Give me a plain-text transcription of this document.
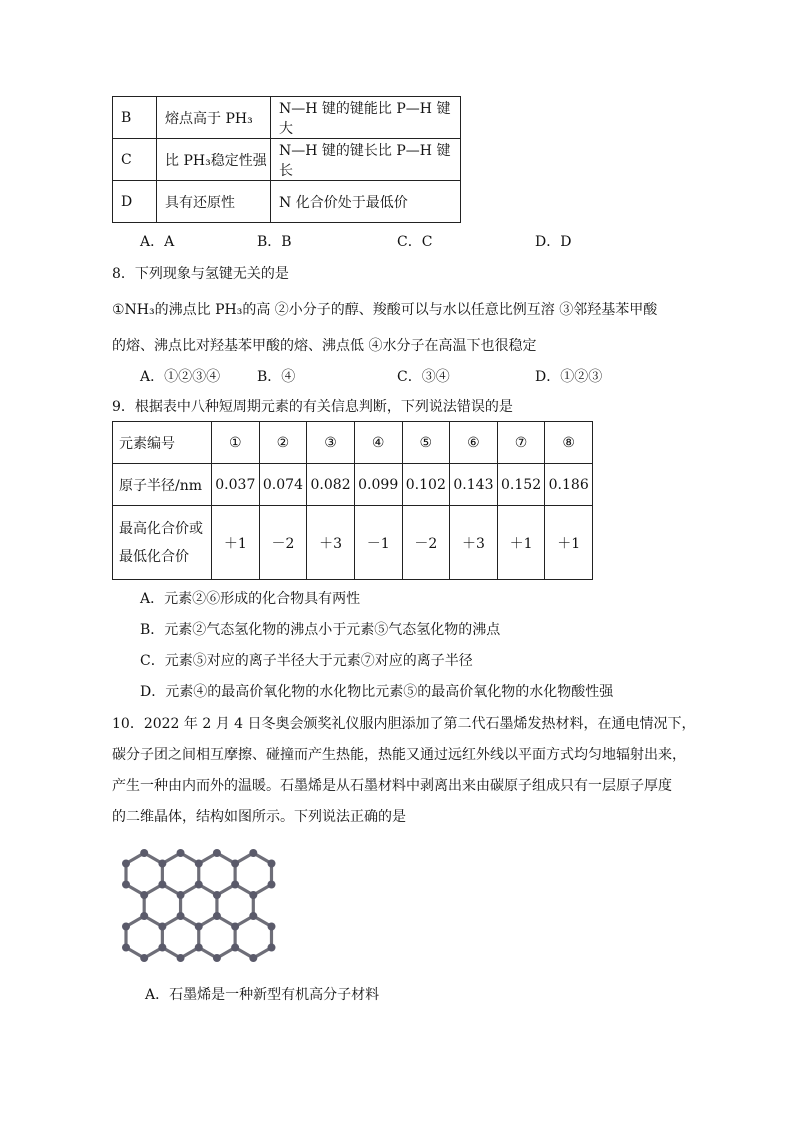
B	熔点高于 PH₃	N—H 键的键能比 P—H 键大
C	比 PH₃稳定性强	N—H 键的键长比 P—H 键长
D	具有还原性	N 化合价处于最低价
A．A	B．B	C．C	D．D
8．下列现象与氢键无关的是
①NH₃的沸点比 PH₃的高 ②小分子的醇、羧酸可以与水以任意比例互溶 ③邻羟基苯甲酸
的熔、沸点比对羟基苯甲酸的熔、沸点低 ④水分子在高温下也很稳定
A．①②③④	B．④	C．③④	D．①②③
9．根据表中八种短周期元素的有关信息判断，下列说法错误的是
元素编号	①	②	③	④	⑤	⑥	⑦	⑧
原子半径/nm	0.037	0.074	0.082	0.099	0.102	0.143	0.152	0.186

最高化合价或
最低化合价	＋1	－2	＋3	－1	－2	＋3	＋1	＋1
A．元素②⑥形成的化合物具有两性
B．元素②气态氢化物的沸点小于元素⑤气态氢化物的沸点
C．元素⑤对应的离子半径大于元素⑦对应的离子半径
D．元素④的最高价氧化物的水化物比元素⑤的最高价氧化物的水化物酸性强
10．2022 年 2 月 4 日冬奥会颁奖礼仪服内胆添加了第二代石墨烯发热材料，在通电情况下，
碳分子团之间相互摩擦、碰撞而产生热能，热能又通过远红外线以平面方式均匀地辐射出来，
产生一种由内而外的温暖。石墨烯是从石墨材料中剥离出来由碳原子组成只有一层原子厚度
的二维晶体，结构如图所示。下列说法正确的是
A．石墨烯是一种新型有机高分子材料
